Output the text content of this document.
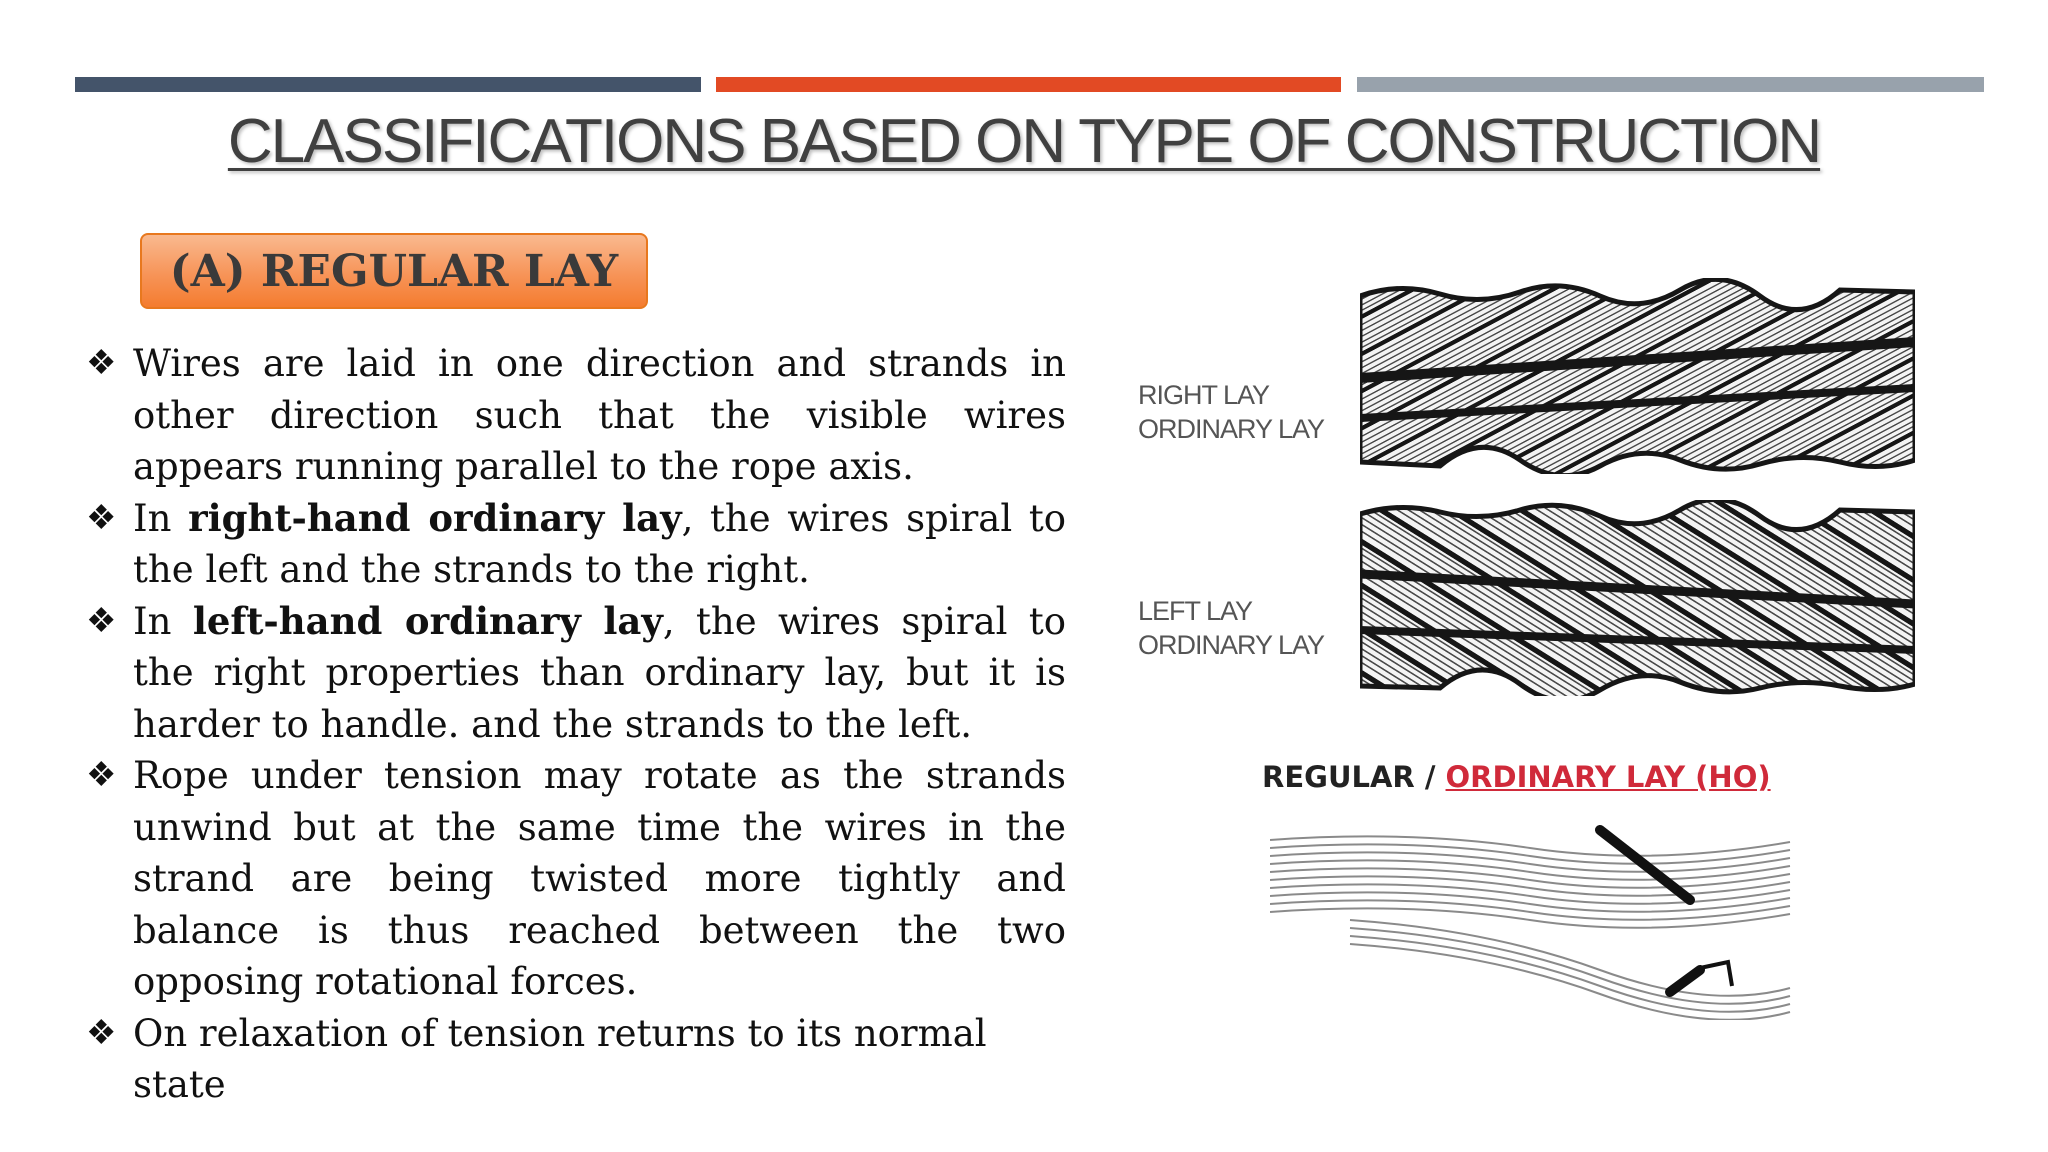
CLASSIFICATIONS BASED ON TYPE OF CONSTRUCTION
(A) REGULAR LAY
❖ Wires are laid in one direction and strands in other direction such that the visible wires appears running parallel to the rope axis.
❖ In right-hand ordinary lay, the wires spiral to the left and the strands to the right.
❖ In left-hand ordinary lay, the wires spiral to the right properties than ordinary lay, but it is harder to handle. and the strands to the left.
❖ Rope under tension may rotate as the strands unwind but at the same time the wires in the strand are being twisted more tightly and balance is thus reached between the two opposing rotational forces.
❖ On relaxation of tension returns to its normal state
RIGHT LAY
ORDINARY LAY
LEFT LAY
ORDINARY LAY
REGULAR / ORDINARY LAY (HO)
